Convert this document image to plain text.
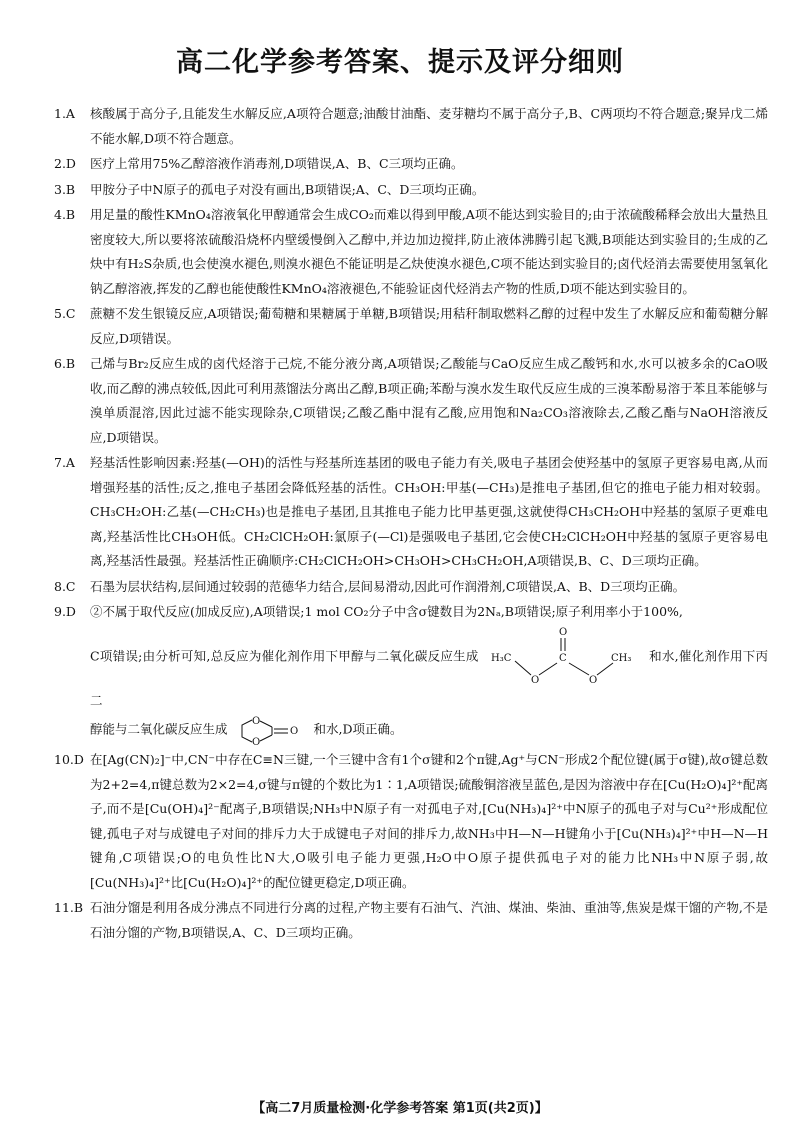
高二化学参考答案、提示及评分细则
1.A 核酸属于高分子,且能发生水解反应,A项符合题意;油酸甘油酯、麦芽糖均不属于高分子,B、C两项均不符合题意;聚异戊二烯不能水解,D项不符合题意。
2.D 医疗上常用75%乙醇溶液作消毒剂,D项错误,A、B、C三项均正确。
3.B 甲胺分子中N原子的孤电子对没有画出,B项错误;A、C、D三项均正确。
4.B 用足量的酸性KMnO₄溶液氧化甲醇通常会生成CO₂而难以得到甲酸,A项不能达到实验目的;由于浓硫酸稀释会放出大量热且密度较大,所以要将浓硫酸沿烧杯内壁缓慢倒入乙醇中,并边加边搅拌,防止液体沸腾引起飞溅,B项能达到实验目的;生成的乙炔中有H₂S杂质,也会使溴水褪色,则溴水褪色不能证明是乙炔使溴水褪色,C项不能达到实验目的;卤代烃消去需要使用氢氧化钠乙醇溶液,挥发的乙醇也能使酸性KMnO₄溶液褪色,不能验证卤代烃消去产物的性质,D项不能达到实验目的。
5.C 蔗糖不发生银镜反应,A项错误;葡萄糖和果糖属于单糖,B项错误;用秸秆制取燃料乙醇的过程中发生了水解反应和葡萄糖分解反应,D项错误。
6.B 己烯与Br₂反应生成的卤代烃溶于己烷,不能分液分离,A项错误;乙酸能与CaO反应生成乙酸钙和水,水可以被多余的CaO吸收,而乙醇的沸点较低,因此可利用蒸馏法分离出乙醇,B项正确;苯酚与溴水发生取代反应生成的三溴苯酚易溶于苯且苯能够与溴单质混溶,因此过滤不能实现除杂,C项错误;乙酸乙酯中混有乙酸,应用饱和Na₂CO₃溶液除去,乙酸乙酯与NaOH溶液反应,D项错误。
7.A 羟基活性影响因素:羟基(—OH)的活性与羟基所连基团的吸电子能力有关,吸电子基团会使羟基中的氢原子更容易电离,从而增强羟基的活性;反之,推电子基团会降低羟基的活性。CH₃OH:甲基(—CH₃)是推电子基团,但它的推电子能力相对较弱。CH₃CH₂OH:乙基(—CH₂CH₃)也是推电子基团,且其推电子能力比甲基更强,这就使得CH₃CH₂OH中羟基的氢原子更难电离,羟基活性比CH₃OH低。CH₂ClCH₂OH:氯原子(—Cl)是强吸电子基团,它会使CH₂ClCH₂OH中羟基的氢原子更容易电离,羟基活性最强。羟基活性正确顺序:CH₂ClCH₂OH>CH₃OH>CH₃CH₂OH,A项错误,B、C、D三项均正确。
8.C 石墨为层状结构,层间通过较弱的范德华力结合,层间易滑动,因此可作润滑剂,C项错误,A、B、D三项均正确。
9.D ②不属于取代反应(加成反应),A项错误;1 mol CO₂分子中含σ键数目为2Nₐ,B项错误;原子利用率小于100%,
C项错误;由分析可知,总反应为催化剂作用下甲醇与二氧化碳反应生成 H₃C
O
C
O	O
CH₃ 和水,催化剂作用下丙二
醇能与二氧化碳反应生成 O
O
O 和水,D项正确。
10.D 在[Ag(CN)₂]⁻中,CN⁻中存在C≡N三键,一个三键中含有1个σ键和2个π键,Ag⁺与CN⁻形成2个配位键(属于σ键),故σ键总数为2+2=4,π键总数为2×2=4,σ键与π键的个数比为1∶1,A项错误;硫酸铜溶液呈蓝色,是因为溶液中存在[Cu(H₂O)₄]²⁺配离子,而不是[Cu(OH)₄]²⁻配离子,B项错误;NH₃中N原子有一对孤电子对,[Cu(NH₃)₄]²⁺中N原子的孤电子对与Cu²⁺形成配位键,孤电子对与成键电子对间的排斥力大于成键电子对间的排斥力,故NH₃中H—N—H键角小于[Cu(NH₃)₄]²⁺中H—N—H键角,C项错误;O的电负性比N大,O吸引电子能力更强,H₂O中O原子提供孤电子对的能力比NH₃中N原子弱,故[Cu(NH₃)₄]²⁺比[Cu(H₂O)₄]²⁺的配位键更稳定,D项正确。
11.B 石油分馏是利用各成分沸点不同进行分离的过程,产物主要有石油气、汽油、煤油、柴油、重油等,焦炭是煤干馏的产物,不是石油分馏的产物,B项错误,A、C、D三项均正确。
【高二7月质量检测·化学参考答案 第1页(共2页)】
